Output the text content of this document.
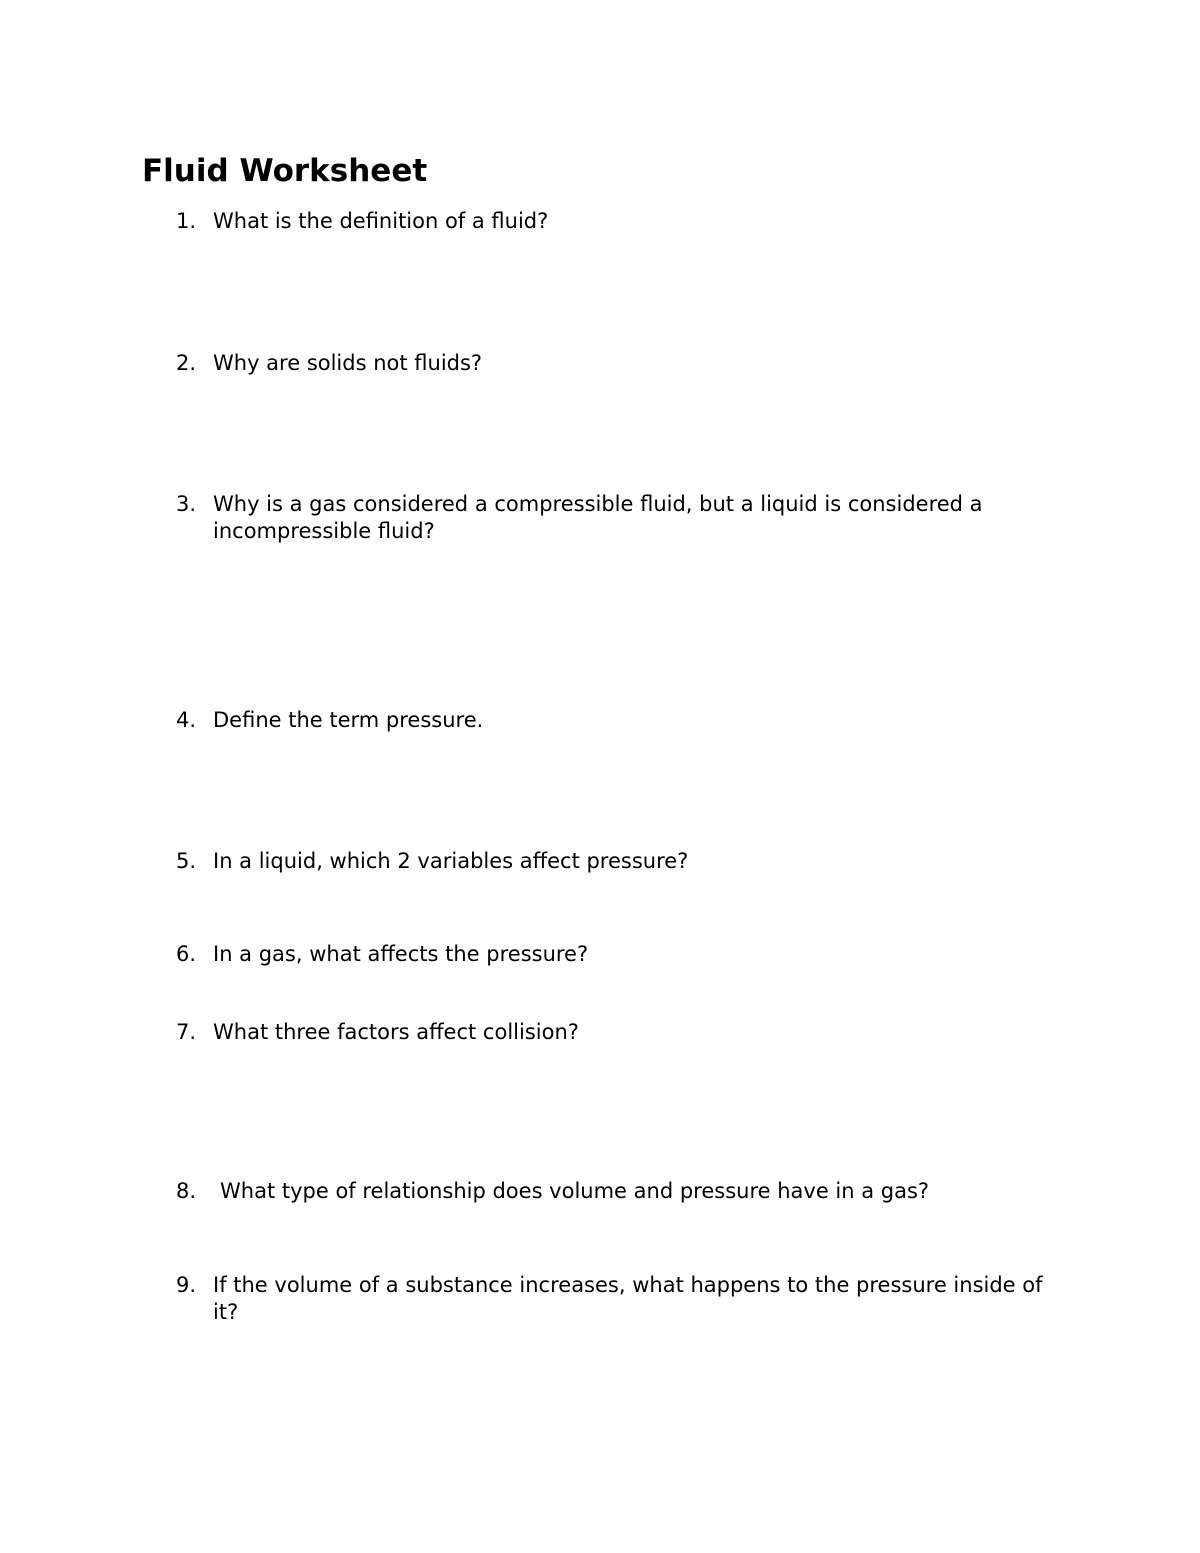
Fluid Worksheet
1. What is the definition of a fluid?
2. Why are solids not fluids?
3. Why is a gas considered a compressible fluid, but a liquid is considered a incompressible fluid?
4. Define the term pressure.
5. In a liquid, which 2 variables affect pressure?
6. In a gas, what affects the pressure?
7. What three factors affect collision?
8. What type of relationship does volume and pressure have in a gas?
9. If the volume of a substance increases, what happens to the pressure inside of it?
